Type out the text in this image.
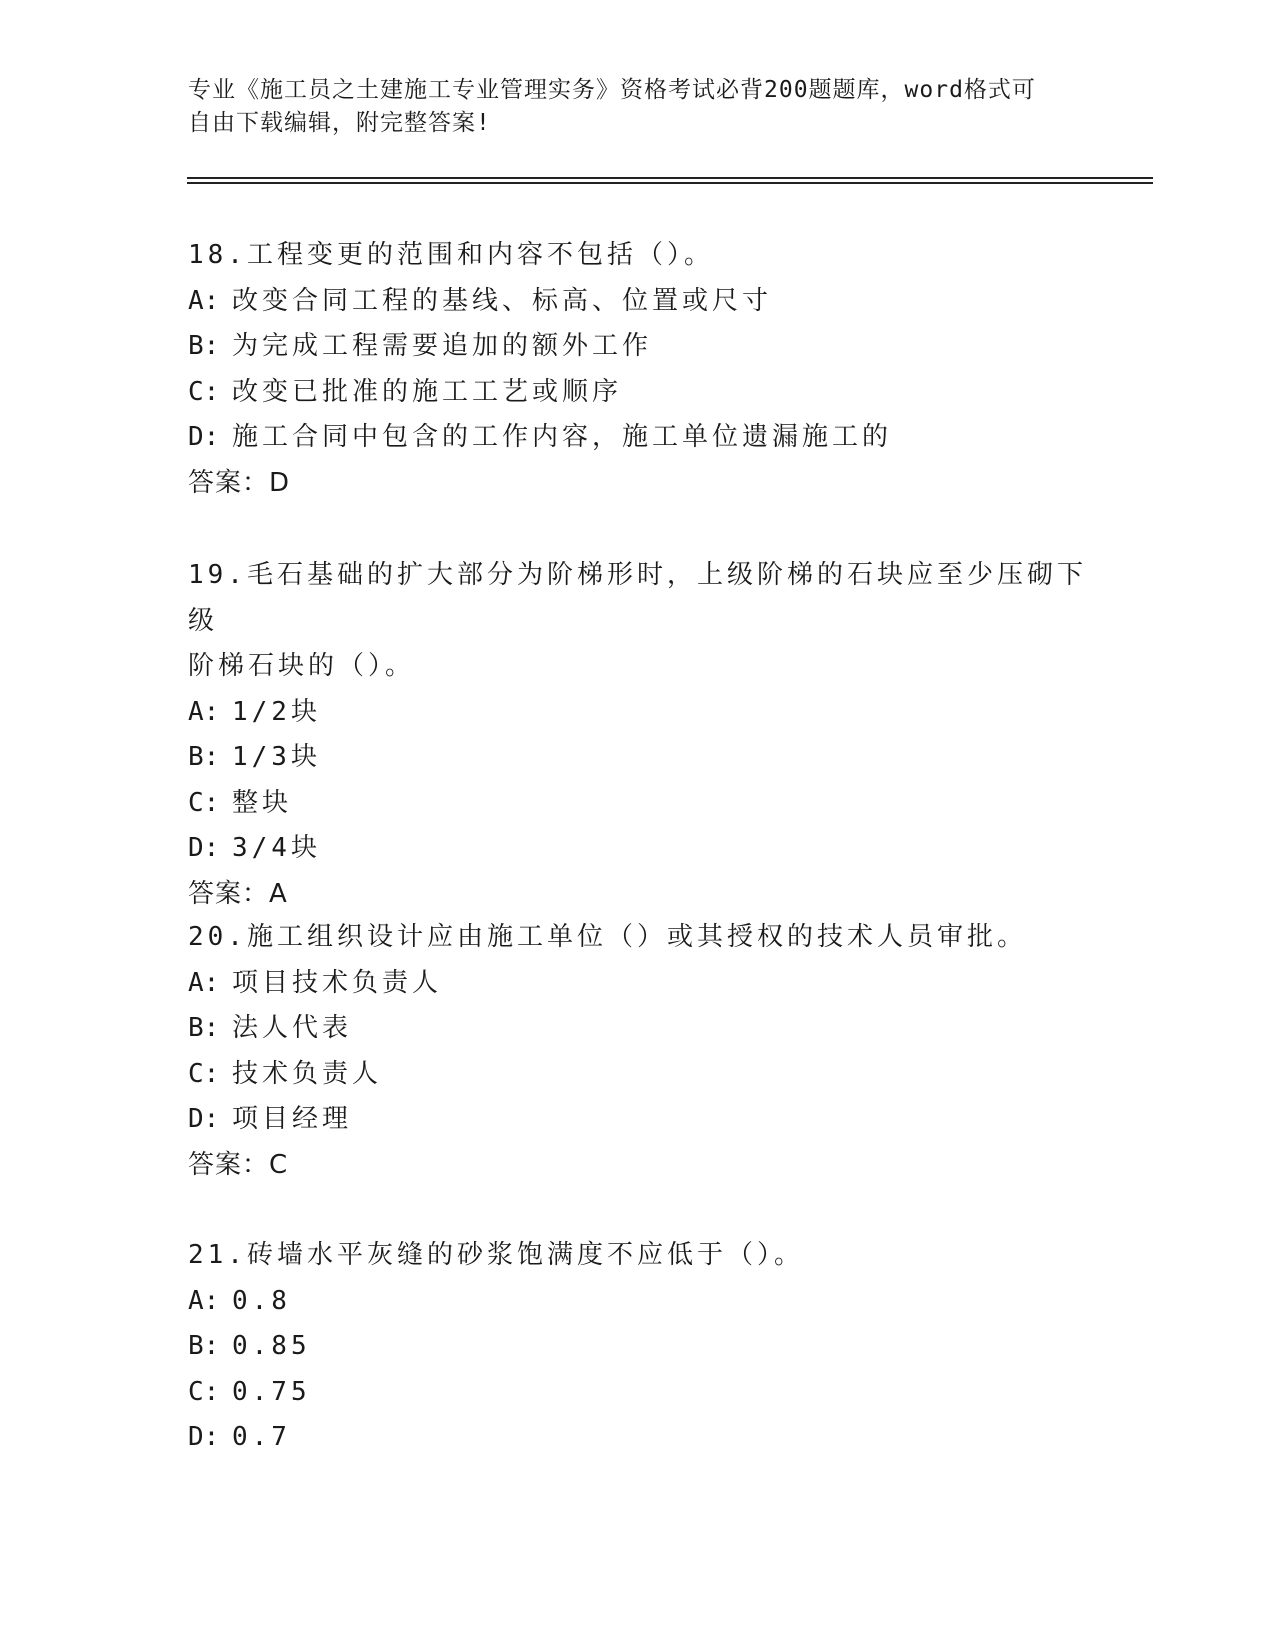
专业《施工员之土建施工专业管理实务》资格考试必背200题题库，word格式可
自由下载编辑，附完整答案!
18.工程变更的范围和内容不包括（）。
A: 改变合同工程的基线、标高、位置或尺寸
B: 为完成工程需要追加的额外工作
C: 改变已批准的施工工艺或顺序
D: 施工合同中包含的工作内容，施工单位遗漏施工的
答案：D
19.毛石基础的扩大部分为阶梯形时，上级阶梯的石块应至少压砌下级
阶梯石块的（）。
A: 1/2块
B: 1/3块
C: 整块
D: 3/4块
答案：A
20.施工组织设计应由施工单位（）或其授权的技术人员审批。
A: 项目技术负责人
B: 法人代表
C: 技术负责人
D: 项目经理
答案：C
21.砖墙水平灰缝的砂浆饱满度不应低于（）。
A: 0.8
B: 0.85
C: 0.75
D: 0.7
